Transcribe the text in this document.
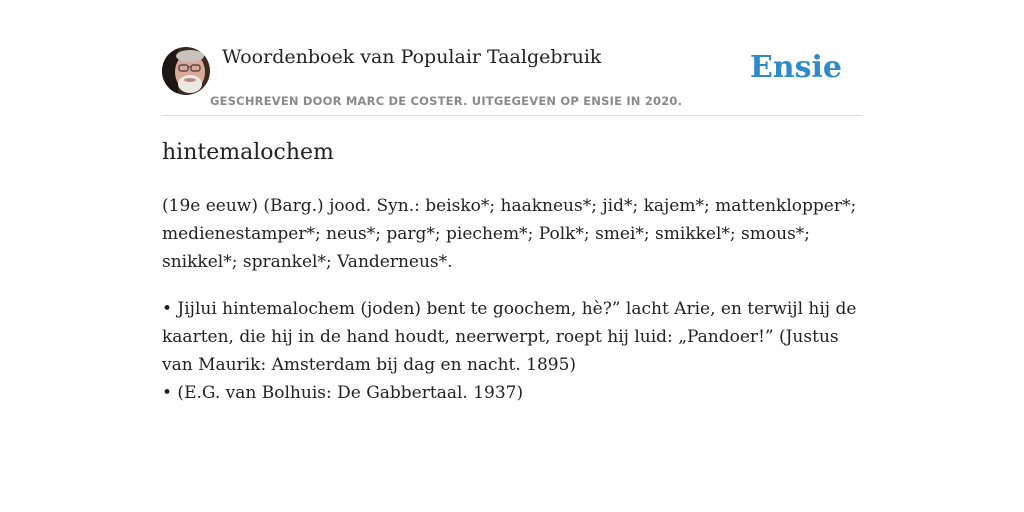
Woordenboek van Populair Taalgebruik
GESCHREVEN DOOR MARC DE COSTER. UITGEGEVEN OP ENSIE IN 2020.
Ensie
hintemalochem

(19e eeuw) (Barg.) jood. Syn.: beisko*; haakneus*; jid*; kajem*; mattenklopper*; medienestamper*; neus*; parg*; piechem*; Polk*; smei*; smikkel*; smous*; snikkel*; sprankel*; Vanderneus*.

• Jijlui hintemalochem (joden) bent te goochem, hè?” lacht Arie, en terwijl hij de kaarten, die hij in de hand houdt, neerwerpt, roept hij luid: „Pandoer!” (Justus van Maurik: Amsterdam bij dag en nacht. 1895)

• (E.G. van Bolhuis: De Gabbertaal. 1937)
